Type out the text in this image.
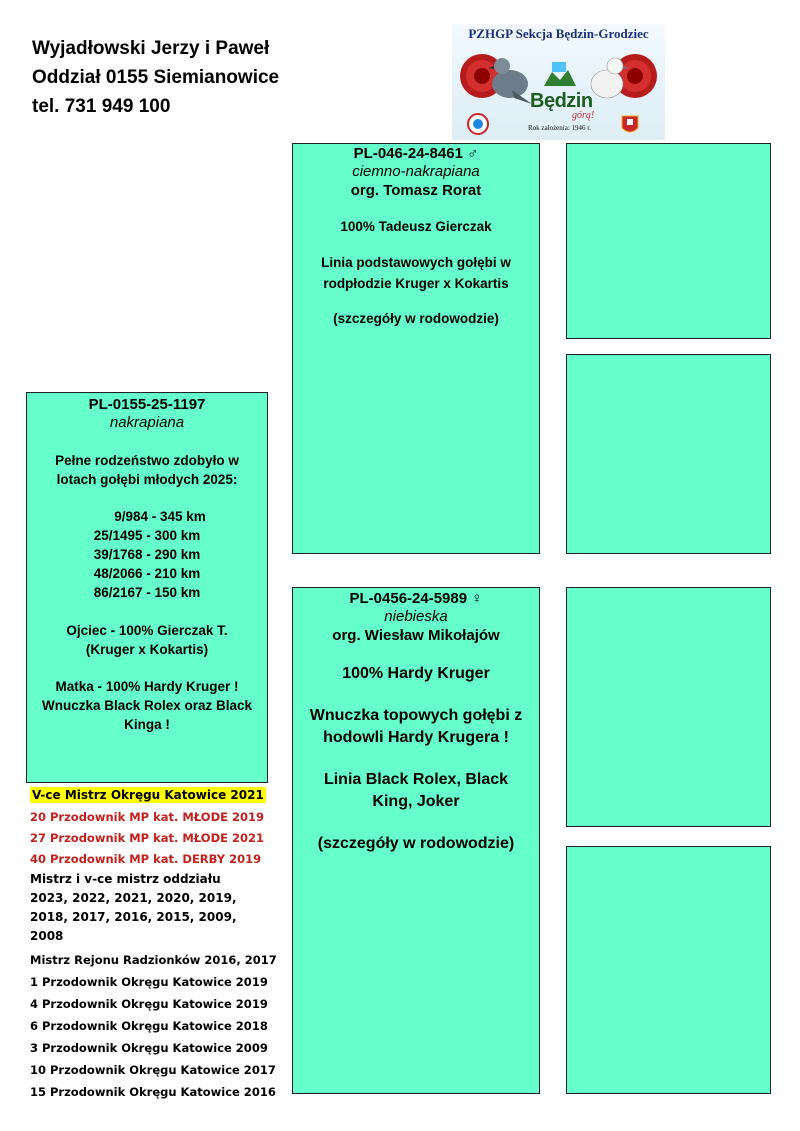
Wyjadłowski Jerzy i Paweł
Oddział 0155 Siemianowice
tel. 731 949 100
PZHGP Sekcja Będzin-Grodziec
Będzin
górą!
Rok założenia: 1946 r.
PL-046-24-8461 ♂
ciemno-nakrapiana
org. Tomasz Rorat

100% Tadeusz Gierczak

Linia podstawowych gołębi w rodpłodzie Kruger x Kokartis

(szczegóły w rodowodzie)

PL-0155-25-1197
nakrapiana

Pełne rodzeństwo zdobyło w lotach gołębi młodych 2025:

9/984 - 345 km
25/1495 - 300 km
39/1768 - 290 km
48/2066 - 210 km
86/2167 - 150 km

Ojciec - 100% Gierczak T. (Kruger x Kokartis)

Matka - 100% Hardy Kruger ! Wnuczka Black Rolex oraz Black Kinga !

PL-0456-24-5989 ♀
niebieska
org. Wiesław Mikołajów

100% Hardy Kruger

Wnuczka topowych gołębi z hodowli Hardy Krugera !

Linia Black Rolex, Black King, Joker

(szczegóły w rodowodzie)

V-ce Mistrz Okręgu Katowice 2021
20 Przodownik MP kat. MŁODE 2019
27 Przodownik MP kat. MŁODE 2021
40 Przodownik MP kat. DERBY 2019
Mistrz i v-ce mistrz oddziału 2023, 2022, 2021, 2020, 2019, 2018, 2017, 2016, 2015, 2009, 2008
Mistrz Rejonu Radzionków 2016, 2017
1 Przodownik Okręgu Katowice 2019
4 Przodownik Okręgu Katowice 2019
6 Przodownik Okręgu Katowice 2018
3 Przodownik Okręgu Katowice 2009
10 Przodownik Okręgu Katowice 2017
15 Przodownik Okręgu Katowice 2016
